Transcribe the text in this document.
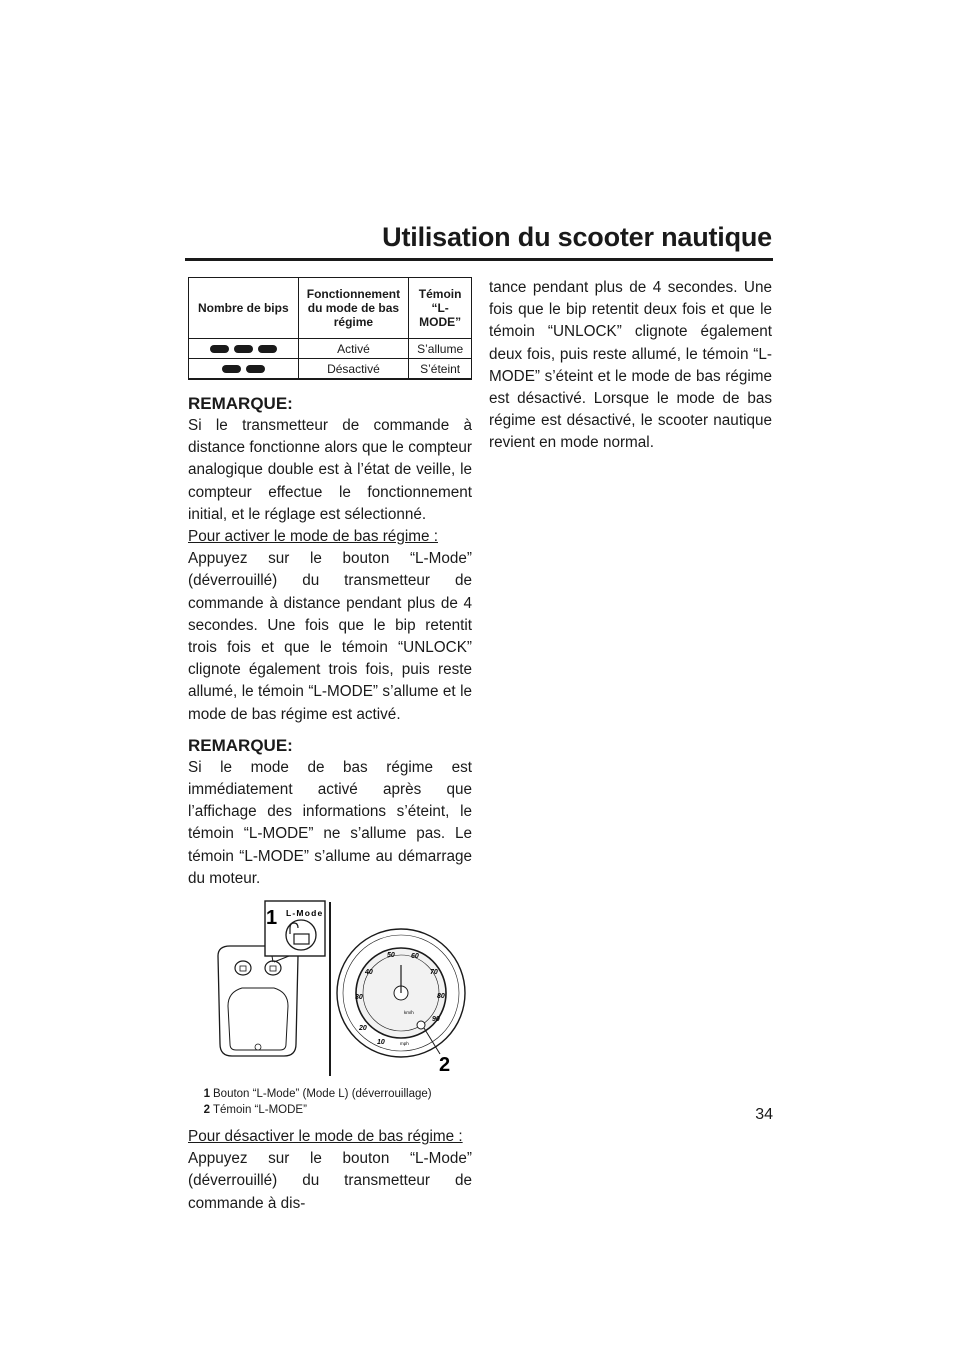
Utilisation du scooter nautique
Nombre de bips	Fonctionnement du mode de bas régime	Témoin “L-MODE”
	Activé	S’allume
	Désactivé	S’éteint
REMARQUE:

Si le transmetteur de commande à distance fonctionne alors que le compteur analogique double est à l’état de veille, le compteur effectue le fonctionnement initial, et le réglage est sélectionné.

Pour activer le mode de bas régime :

Appuyez sur le bouton “L-Mode” (déverrouillé) du transmetteur de commande à distance pendant plus de 4 secondes. Une fois que le bip retentit trois fois et que le témoin “UNLOCK” clignote également trois fois, puis reste allumé, le témoin “L-MODE” s’allume et le mode de bas régime est activé.

REMARQUE:

Si le mode de bas régime est immédiatement activé après que l’affichage des informations s’éteint, le témoin “L-MODE” ne s’allume pas. Le témoin “L-MODE” s’allume au démarrage du moteur.

L-Mode
1
10
20
30
40
50 60
70
80
90
km/h
mph
2
1 Bouton “L-Mode” (Mode L) (déverrouillage)
2 Témoin “L-MODE”

Pour désactiver le mode de bas régime :

Appuyez sur le bouton “L-Mode” (déverrouillé) du transmetteur de commande à dis-

tance pendant plus de 4 secondes. Une fois que le bip retentit deux fois et que le témoin “UNLOCK” clignote également deux fois, puis reste allumé, le témoin “L-MODE” s’éteint et le mode de bas régime est désactivé. Lorsque le mode de bas régime est désactivé, le scooter nautique revient en mode normal.

34
